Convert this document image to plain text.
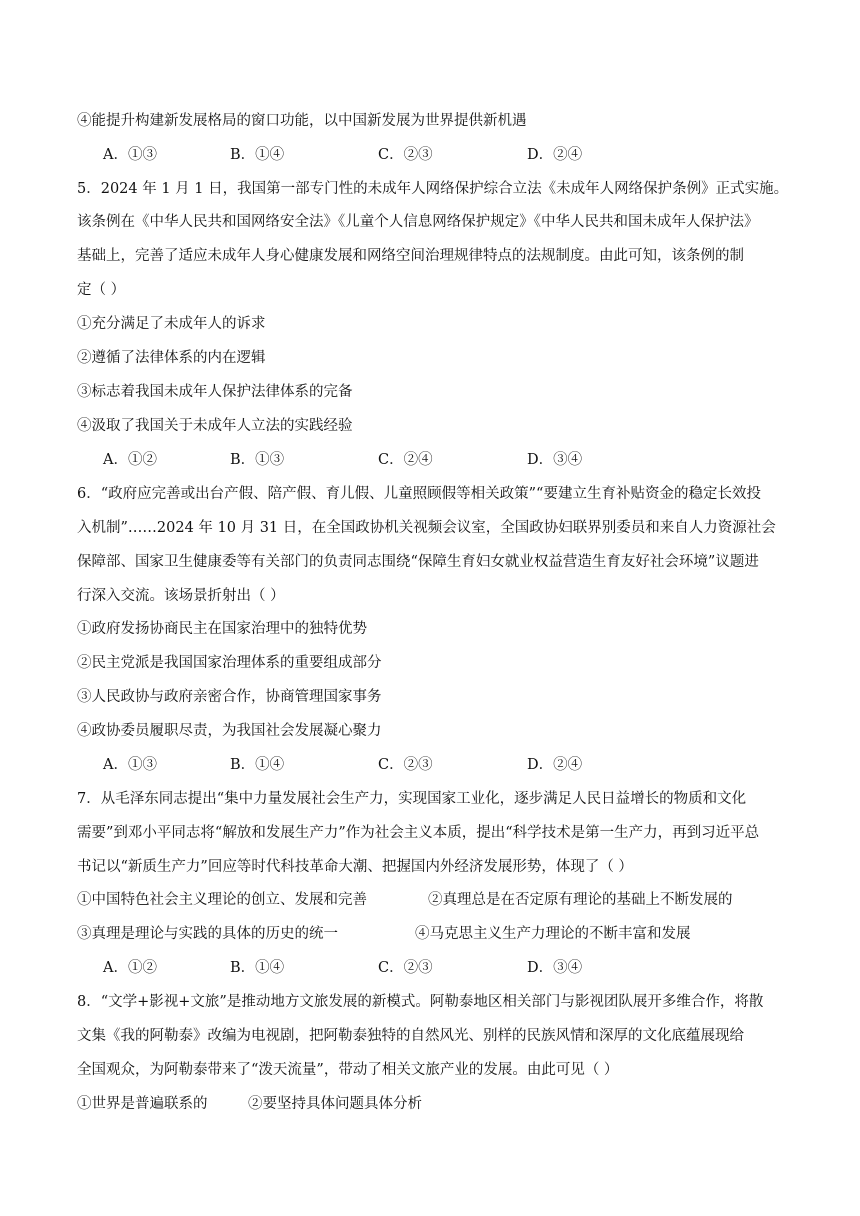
④能提升构建新发展格局的窗口功能，以中国新发展为世界提供新机遇
A．①③	B．①④	C．②③	D．②④
5．2024 年 1 月 1 日，我国第一部专门性的未成年人网络保护综合立法《未成年人网络保护条例》正式实施。
该条例在《中华人民共和国网络安全法》《儿童个人信息网络保护规定》《中华人民共和国未成年人保护法》
基础上，完善了适应未成年人身心健康发展和网络空间治理规律特点的法规制度。由此可知，该条例的制
定（ ）
①充分满足了未成年人的诉求
②遵循了法律体系的内在逻辑
③标志着我国未成年人保护法律体系的完备
④汲取了我国关于未成年人立法的实践经验
A．①②	B．①③	C．②④	D．③④
6．“政府应完善或出台产假、陪产假、育儿假、儿童照顾假等相关政策”“要建立生育补贴资金的稳定长效投
入机制”……2024 年 10 月 31 日，在全国政协机关视频会议室，全国政协妇联界别委员和来自人力资源社会
保障部、国家卫生健康委等有关部门的负责同志围绕“保障生育妇女就业权益营造生育友好社会环境”议题进
行深入交流。该场景折射出（ ）
①政府发扬协商民主在国家治理中的独特优势
②民主党派是我国国家治理体系的重要组成部分
③人民政协与政府亲密合作，协商管理国家事务
④政协委员履职尽责，为我国社会发展凝心聚力
A．①③	B．①④	C．②③	D．②④
7．从毛泽东同志提出“集中力量发展社会生产力，实现国家工业化，逐步满足人民日益增长的物质和文化
需要”到邓小平同志将“解放和发展生产力”作为社会主义本质，提出“科学技术是第一生产力，再到习近平总
书记以“新质生产力”回应等时代科技革命大潮、把握国内外经济发展形势，体现了（ ）
①中国特色社会主义理论的创立、发展和完善	②真理总是在否定原有理论的基础上不断发展的
③真理是理论与实践的具体的历史的统一	④马克思主义生产力理论的不断丰富和发展
A．①②	B．①④	C．②③	D．③④
8．“文学+影视+文旅”是推动地方文旅发展的新模式。阿勒泰地区相关部门与影视团队展开多维合作，将散
文集《我的阿勒泰》改编为电视剧，把阿勒泰独特的自然风光、别样的民族风情和深厚的文化底蕴展现给
全国观众，为阿勒泰带来了“泼天流量”，带动了相关文旅产业的发展。由此可见（ ）
①世界是普遍联系的	②要坚持具体问题具体分析
